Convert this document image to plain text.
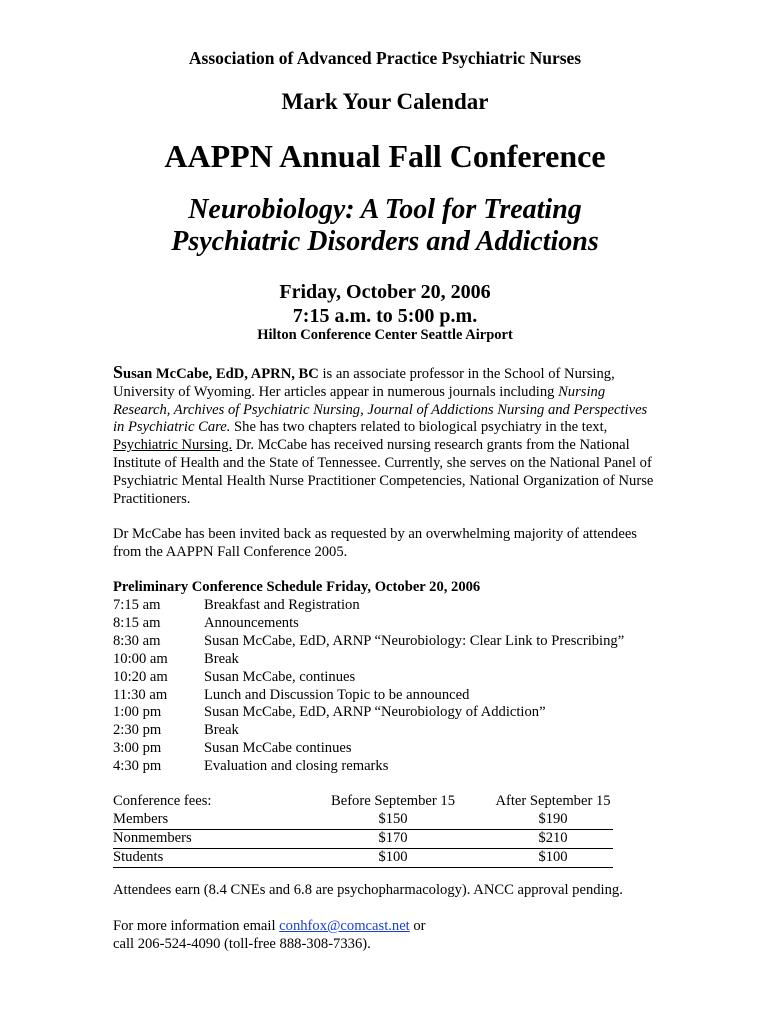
Association of Advanced Practice Psychiatric Nurses
Mark Your Calendar
AAPPN Annual Fall Conference
Neurobiology: A Tool for Treating
Psychiatric Disorders and Addictions
Friday, October 20, 2006
7:15 a.m. to 5:00 p.m.
Hilton Conference Center Seattle Airport
Susan McCabe, EdD, APRN, BC is an associate professor in the School of Nursing, University of Wyoming. Her articles appear in numerous journals including Nursing Research, Archives of Psychiatric Nursing, Journal of Addictions Nursing and Perspectives in Psychiatric Care. She has two chapters related to biological psychiatry in the text, Psychiatric Nursing. Dr. McCabe has received nursing research grants from the National Institute of Health and the State of Tennessee. Currently, she serves on the National Panel of Psychiatric Mental Health Nurse Practitioner Competencies, National Organization of Nurse Practitioners.
Dr McCabe has been invited back as requested by an overwhelming majority of attendees from the AAPPN Fall Conference 2005.
Preliminary Conference Schedule Friday, October 20, 2006
7:15 am	Breakfast and Registration
8:15 am	Announcements
8:30 am	Susan McCabe, EdD, ARNP “Neurobiology: Clear Link to Prescribing”
10:00 am	Break
10:20 am	Susan McCabe, continues
11:30 am	Lunch and Discussion Topic to be announced
1:00 pm	Susan McCabe, EdD, ARNP “Neurobiology of Addiction”
2:30 pm	Break
3:00 pm	Susan McCabe continues
4:30 pm	Evaluation and closing remarks
Conference fees:	Before September 15	After September 15
Members	$150	$190
Nonmembers	$170	$210
Students	$100	$100
Attendees earn (8.4 CNEs and 6.8 are psychopharmacology). ANCC approval pending.
For more information email conhfox@comcast.net or
call 206-524-4090 (toll-free 888-308-7336).
